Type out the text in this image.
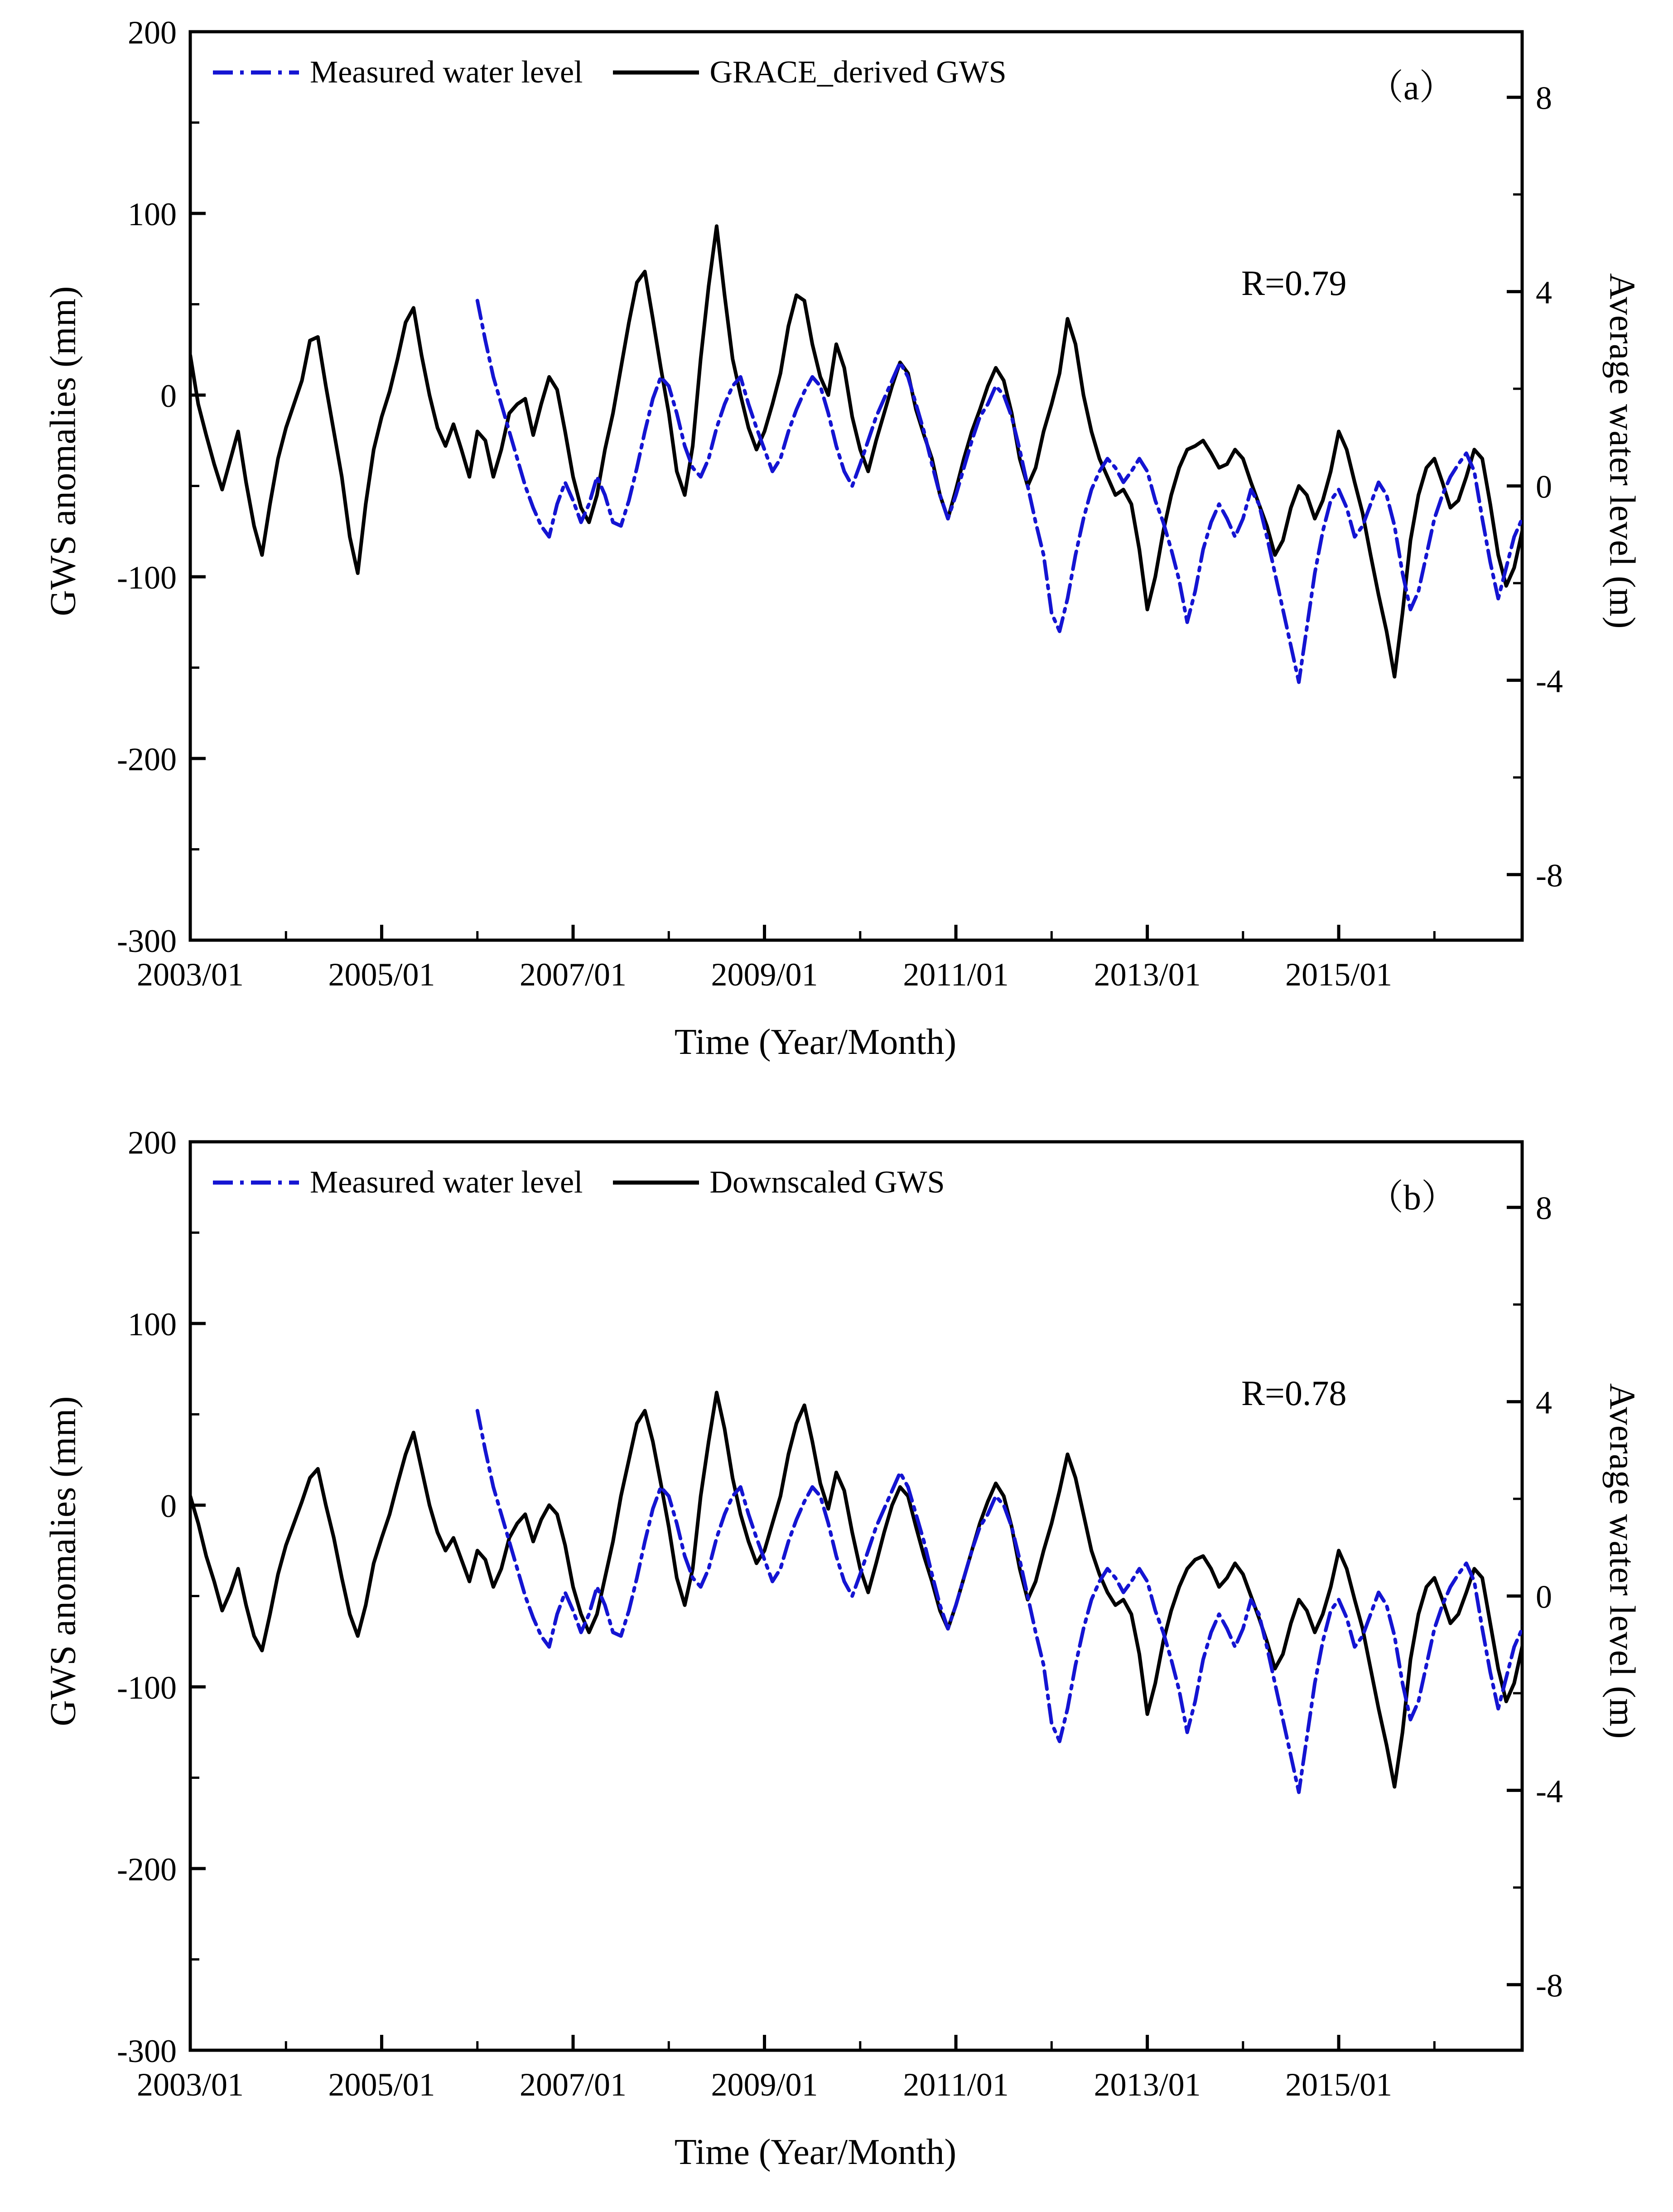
-300
-200
-100
0
100
200
-8
-4
0
4
8
2003/01	2005/01	2007/01	2009/01	2011/01	2013/01	2015/01
Measured water level	GRACE_derived GWS	（a）
R=0.79
GWS anomalies (mm)	Average water level (m)
Time (Year/Month)
-300
-200
-100
0
100
200
-8
-4
0
4
8
2003/01	2005/01	2007/01	2009/01	2011/01	2013/01	2015/01
Measured water level	Downscaled GWS	（b）
R=0.78
GWS anomalies (mm)	Average water level (m)
Time (Year/Month)
